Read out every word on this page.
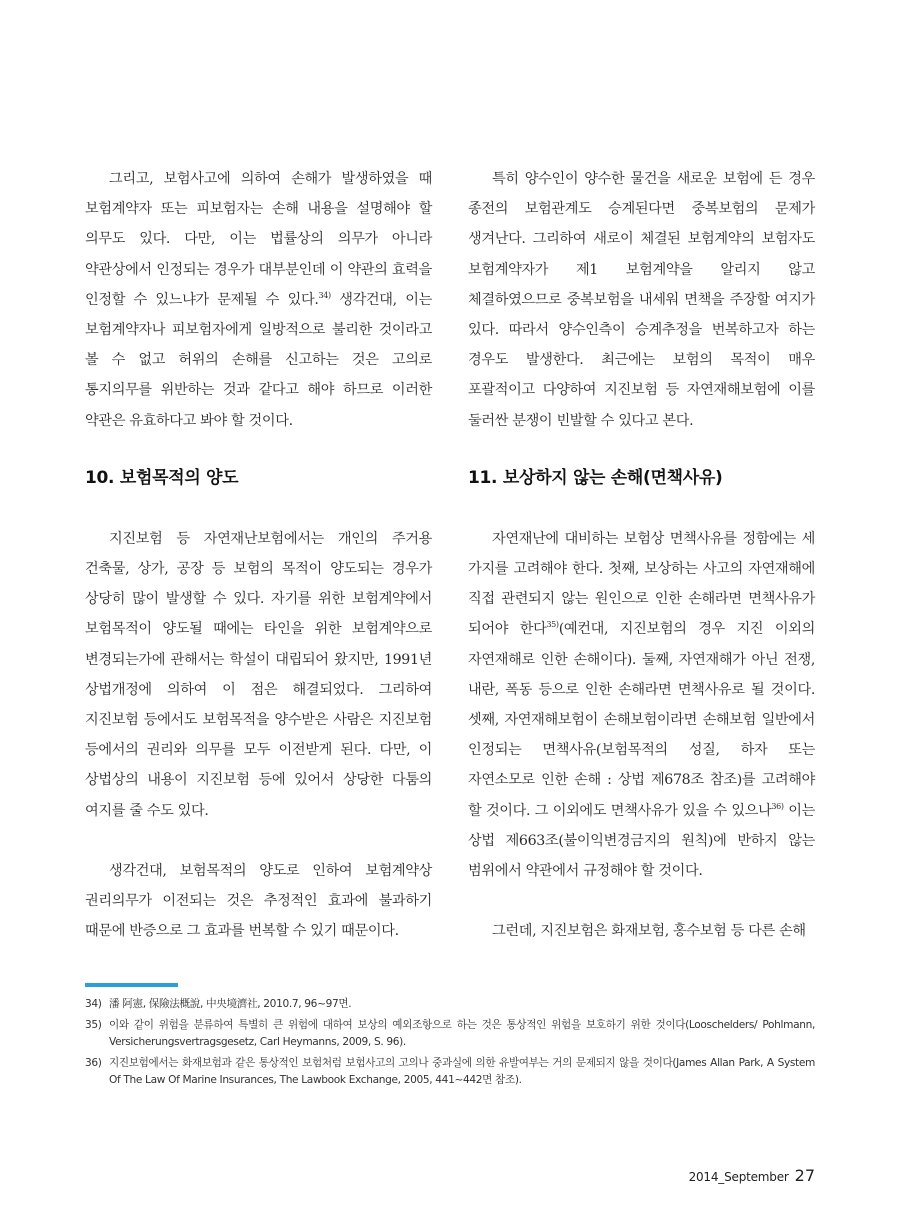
그리고, 보험사고에 의하여 손해가 발생하였을 때 보험계약자 또는 피보험자는 손해 내용을 설명해야 할 의무도 있다. 다만, 이는 법률상의 의무가 아니라 약관상에서 인정되는 경우가 대부분인데 이 약관의 효력을 인정할 수 있느냐가 문제될 수 있다.$^{34)}$ 생각건대, 이는 보험계약자나 피보험자에게 일방적으로 불리한 것이라고 볼 수 없고 허위의 손해를 신고하는 것은 고의로 통지의무를 위반하는 것과 같다고 해야 하므로 이러한 약관은 유효하다고 봐야 할 것이다.

10. 보험목적의 양도

지진보험 등 자연재난보험에서는 개인의 주거용 건축물, 상가, 공장 등 보험의 목적이 양도되는 경우가 상당히 많이 발생할 수 있다. 자기를 위한 보험계약에서 보험목적이 양도될 때에는 타인을 위한 보험계약으로 변경되는가에 관해서는 학설이 대립되어 왔지만, 1991년 상법개정에 의하여 이 점은 해결되었다. 그리하여 지진보험 등에서도 보험목적을 양수받은 사람은 지진보험 등에서의 권리와 의무를 모두 이전받게 된다. 다만, 이 상법상의 내용이 지진보험 등에 있어서 상당한 다툼의 여지를 줄 수도 있다.

생각건대, 보험목적의 양도로 인하여 보험계약상 권리의무가 이전되는 것은 추정적인 효과에 불과하기 때문에 반증으로 그 효과를 번복할 수 있기 때문이다.

특히 양수인이 양수한 물건을 새로운 보험에 든 경우 종전의 보험관계도 승계된다면 중복보험의 문제가 생겨난다. 그리하여 새로이 체결된 보험계약의 보험자도 보험계약자가 제1 보험계약을 알리지 않고 체결하였으므로 중복보험을 내세워 면책을 주장할 여지가 있다. 따라서 양수인측이 승계추정을 번복하고자 하는 경우도 발생한다. 최근에는 보험의 목적이 매우 포괄적이고 다양하여 지진보험 등 자연재해보험에 이를 둘러싼 분쟁이 빈발할 수 있다고 본다.

11. 보상하지 않는 손해(면책사유)

자연재난에 대비하는 보험상 면책사유를 정함에는 세 가지를 고려해야 한다. 첫째, 보상하는 사고의 자연재해에 직접 관련되지 않는 원인으로 인한 손해라면 면책사유가 되어야 한다$^{35)}$(예컨대, 지진보험의 경우 지진 이외의 자연재해로 인한 손해이다). 둘째, 자연재해가 아닌 전쟁, 내란, 폭동 등으로 인한 손해라면 면책사유로 될 것이다. 셋째, 자연재해보험이 손해보험이라면 손해보험 일반에서 인정되는 면책사유(보험목적의 성질, 하자 또는 자연소모로 인한 손해 : 상법 제678조 참조)를 고려해야 할 것이다. 그 이외에도 면책사유가 있을 수 있으나$^{36)}$ 이는 상법 제663조(불이익변경금지의 원칙)에 반하지 않는 범위에서 약관에서 규정해야 할 것이다.

그런데, 지진보험은 화재보험, 홍수보험 등 다른 손해

34) 潘 阿憲, 保險法概說, 中央境濟社, 2010.7, 96~97면.
35) 이와 같이 위험을 분류하여 특별히 큰 위험에 대하여 보상의 예외조항으로 하는 것은 통상적인 위험을 보호하기 위한 것이다(Looschelders/ Pohlmann, Versicherungsvertragsgesetz, Carl Heymanns, 2009, S. 96).
36) 지진보험에서는 화재보험과 같은 통상적인 보험처럼 보험사고의 고의나 중과실에 의한 유발여부는 거의 문제되지 않을 것이다(James Allan Park, A System Of The Law Of Marine Insurances, The Lawbook Exchange, 2005, 441~442면 참조).
2014_September 27
